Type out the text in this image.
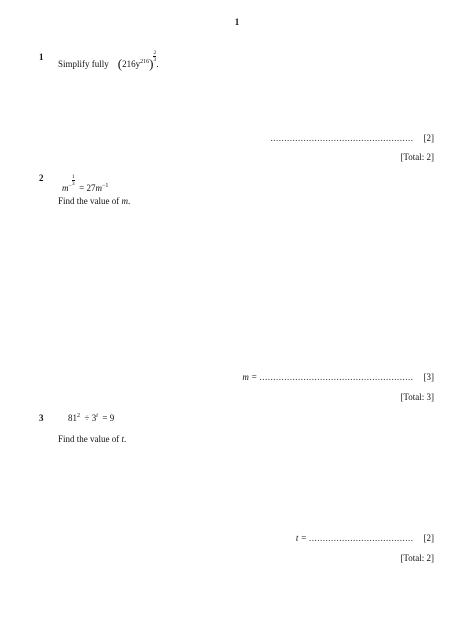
1
1
Simplify fully $(216y^{216}) \frac{2}{3}$
.
.................................................... [2]
[Total: 2]
2
$m^{- \frac{1}{3}}$
= $27m^{-1}$
Find the value of m.
m = ........................................................ [3]
[Total: 3]
3	$81^2 \div 3^t = 9$
Find the value of t.
t = ...................................... [2]
[Total: 2]
